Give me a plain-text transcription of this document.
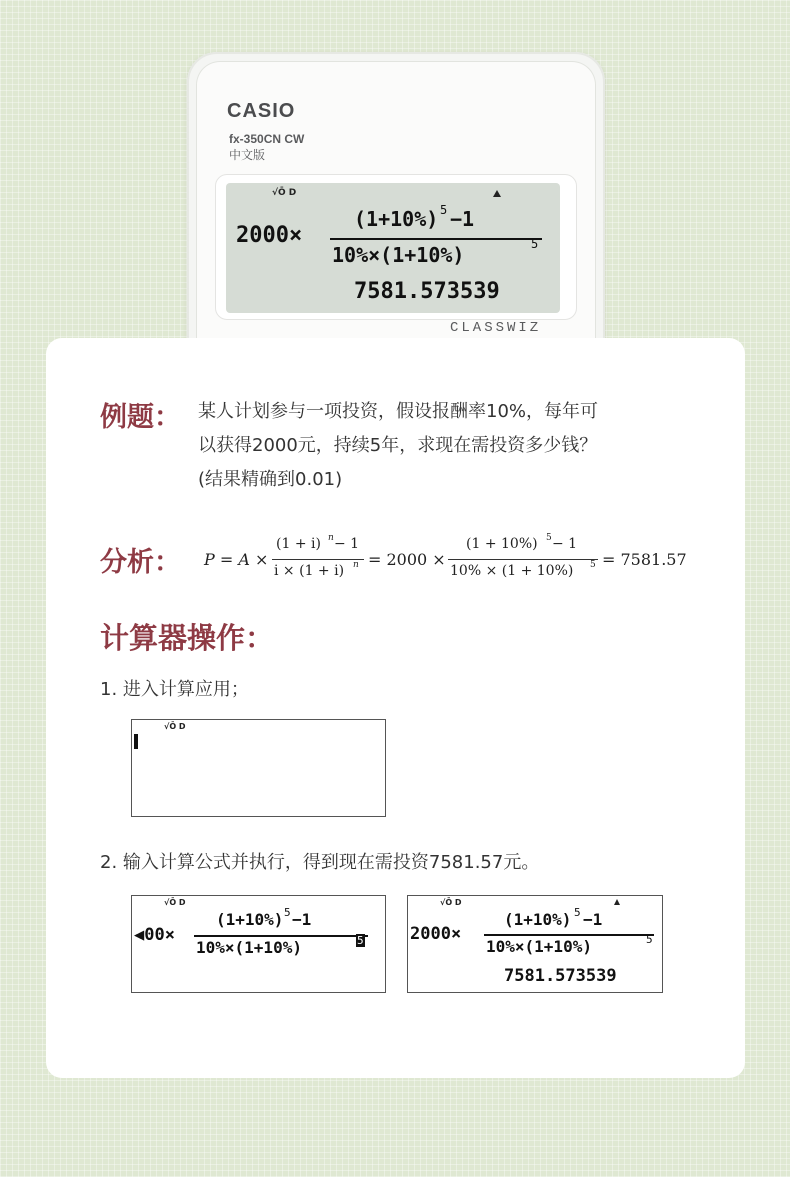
CASIO
fx-350CN CW
中文版
√Ō D
2000×
(1+10%) 5 −1
10%×(1+10%)	5
7581.573539
CLASSWIZ
例题： 某人计划参与一项投资，假设报酬率10%，每年可
以获得2000元，持续5年，求现在需投资多少钱？
(结果精确到0.01)
分析： P = A ×
(1 + i) n − 1
i × (1 + i) n = 2000 ×
(1 + 10%) 5 − 1
10% × (1 + 10%) 5 = 7581.57
计算器操作：
1. 进入计算应用；
√Ō D
2. 输入计算公式并执行，得到现在需投资7581.57元。
√Ō D
◀00×
(1+10%) 5 −1
10%×(1+10%)	5
√Ō D
2000×
(1+10%) 5 −1
10%×(1+10%)	5
7581.573539
